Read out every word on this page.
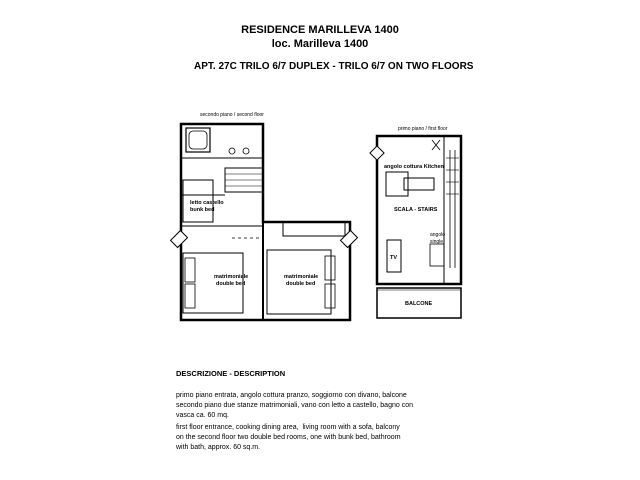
RESIDENCE MARILLEVA 1400
loc. Marilleva 1400
APT. 27C TRILO 6/7 DUPLEX - TRILO 6/7 ON TWO FLOORS
secondo piano / second floor
letto castello
bunk bed
matrimoniale
double bed
matrimoniale
double bed
primo piano / first floor
angolo cottura Kitchen
SCALA - STAIRS
angolo
single
TV
BALCONE
DESCRIZIONE - DESCRIPTION
primo piano entrata, angolo cottura pranzo, soggiorno con divano, balcone
secondo piano due stanze matrimoniali, vano con letto a castello, bagno con
vasca ca. 60 mq.
first floor entrance, cooking dining area,  living room with a sofa, balcony
on the second floor two double bed rooms, one with bunk bed, bathroom
with bath, approx. 60 sq.m.
